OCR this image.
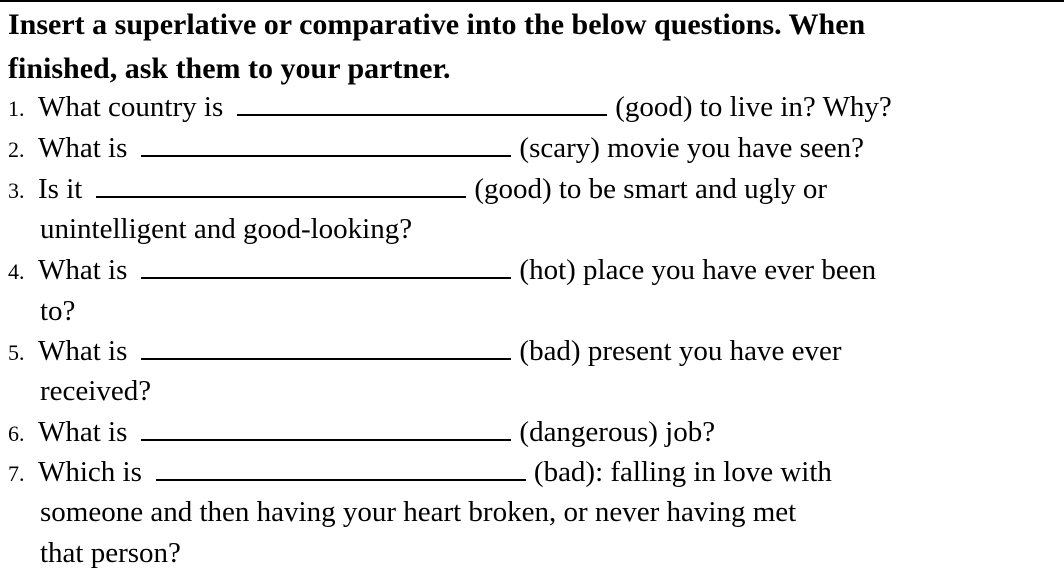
Insert a superlative or comparative into the below questions. When
finished, ask them to your partner.
1. What country is	(good) to live in? Why?
2. What is	(scary) movie you have seen?
3. Is it	(good) to be smart and ugly or
unintelligent and good-looking?
4. What is	(hot) place you have ever been
to?
5. What is	(bad) present you have ever
received?
6. What is	(dangerous) job?
7. Which is	(bad): falling in love with
someone and then having your heart broken, or never having met
that person?
